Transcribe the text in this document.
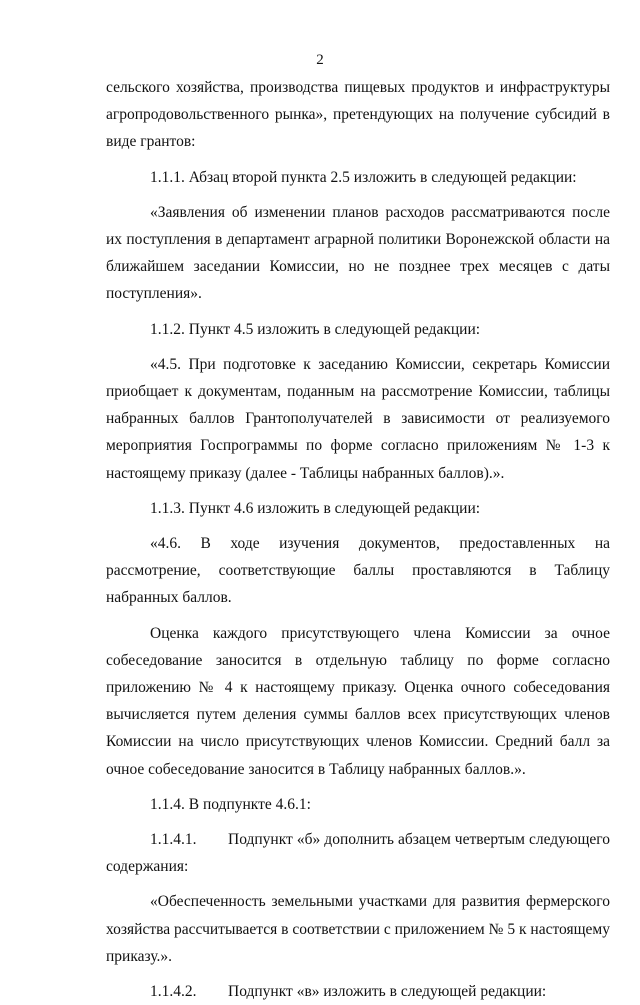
2

сельского хозяйства, производства пищевых продуктов и инфраструктуры агропродовольственного рынка», претендующих на получение субсидий в виде грантов:

1.1.1. Абзац второй пункта 2.5 изложить в следующей редакции:

«Заявления об изменении планов расходов рассматриваются после их поступления в департамент аграрной политики Воронежской области на ближайшем заседании Комиссии, но не позднее трех месяцев с даты поступления».

1.1.2. Пункт 4.5 изложить в следующей редакции:

«4.5. При подготовке к заседанию Комиссии, секретарь Комиссии приобщает к документам, поданным на рассмотрение Комиссии, таблицы набранных баллов Грантополучателей в зависимости от реализуемого мероприятия Госпрограммы по форме согласно приложениям № 1-3 к настоящему приказу (далее - Таблицы набранных баллов).».

1.1.3. Пункт 4.6 изложить в следующей редакции:

«4.6. В ходе изучения документов, предоставленных на рассмотрение, соответствующие баллы проставляются в Таблицу набранных баллов.

Оценка каждого присутствующего члена Комиссии за очное собеседование заносится в отдельную таблицу по форме согласно приложению № 4 к настоящему приказу. Оценка очного собеседования вычисляется путем деления суммы баллов всех присутствующих членов Комиссии на число присутствующих членов Комиссии. Средний балл за очное собеседование заносится в Таблицу набранных баллов.».

1.1.4. В подпункте 4.6.1:

1.1.4.1. Подпункт «б» дополнить абзацем четвертым следующего содержания:

«Обеспеченность земельными участками для развития фермерского хозяйства рассчитывается в соответствии с приложением № 5 к настоящему приказу.».

1.1.4.2. Подпункт «в» изложить в следующей редакции:
